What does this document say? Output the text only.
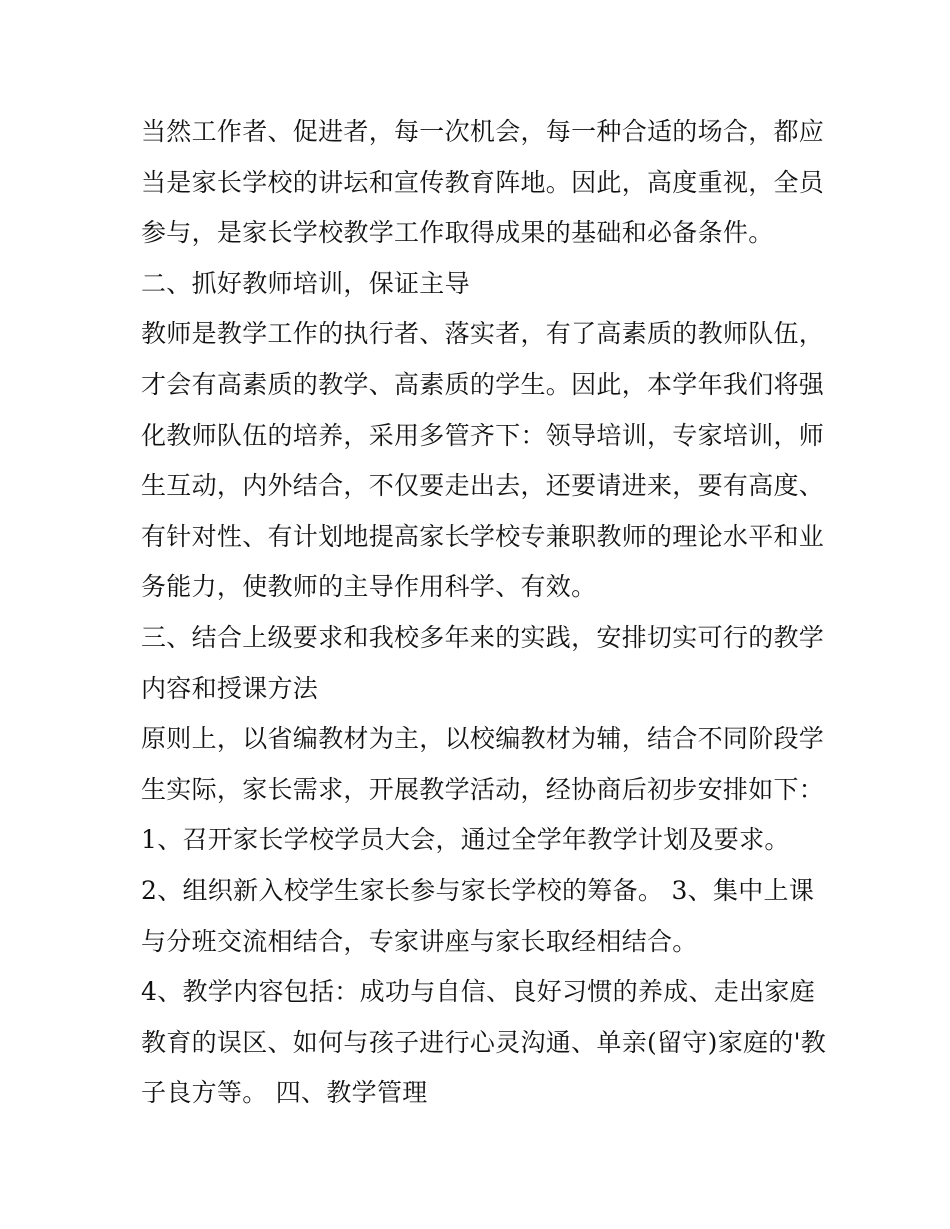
当然工作者、促进者，每一次机会，每一种合适的场合，都应
当是家长学校的讲坛和宣传教育阵地。因此，高度重视，全员
参与，是家长学校教学工作取得成果的基础和必备条件。
二、抓好教师培训，保证主导
教师是教学工作的执行者、落实者，有了高素质的教师队伍，
才会有高素质的教学、高素质的学生。因此，本学年我们将强
化教师队伍的培养，采用多管齐下：领导培训，专家培训，师
生互动，内外结合，不仅要走出去，还要请进来，要有高度、
有针对性、有计划地提高家长学校专兼职教师的理论水平和业
务能力，使教师的主导作用科学、有效。
三、结合上级要求和我校多年来的实践，安排切实可行的教学
内容和授课方法
原则上，以省编教材为主，以校编教材为辅，结合不同阶段学
生实际，家长需求，开展教学活动，经协商后初步安排如下：
1、召开家长学校学员大会，通过全学年教学计划及要求。
2、组织新入校学生家长参与家长学校的筹备。 3、集中上课
与分班交流相结合，专家讲座与家长取经相结合。
4、教学内容包括：成功与自信、良好习惯的养成、走出家庭
教育的误区、如何与孩子进行心灵沟通、单亲(留守)家庭的'教
子良方等。 四、教学管理
